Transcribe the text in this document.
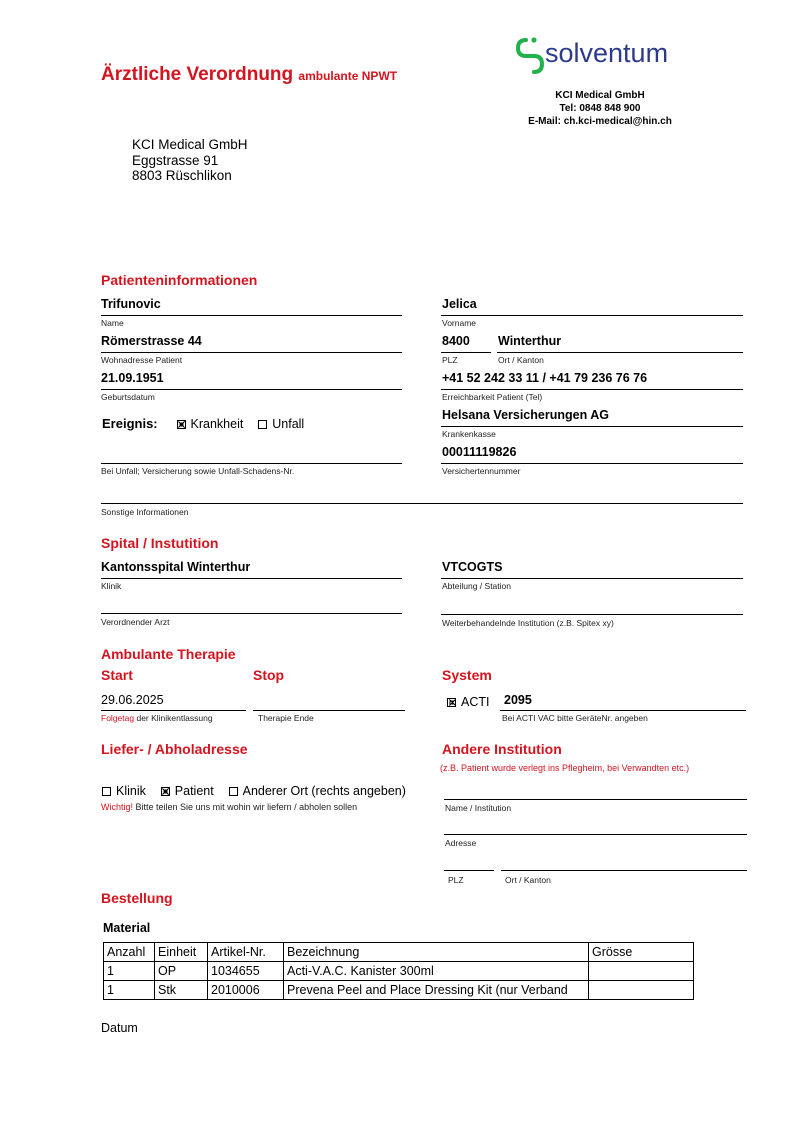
Ärztliche Verordnung ambulante NPWT
solventum
KCI Medical GmbH
Tel: 0848 848 900
E-Mail: ch.kci-medical@hin.ch
KCI Medical GmbH
Eggstrasse 91
8803 Rüschlikon
Patienteninformationen
Trifunovic
Name
Jelica
Vorname
Römerstrasse 44
Wohnadresse Patient
8400
PLZ
Winterthur
Ort / Kanton
21.09.1951
Geburtsdatum
+41 52 242 33 11 / +41 79 236 76 76
Erreichbarkeit Patient (Tel)
Ereignis:	Krankheit Unfall
Helsana Versicherungen AG
Krankenkasse
Bei Unfall; Versicherung sowie Unfall-Schadens-Nr.
00011119826
Versichertennummer
Sonstige Informationen
Spital / Instutition
Kantonsspital Winterthur
Klinik
VTCOGTS
Abteilung / Station
Verordnender Arzt	Weiterbehandelnde Institution (z.B. Spitex xy)
Ambulante Therapie
Start	Stop	System
29.06.2025
Folgetag der Klinikentlassung	Therapie Ende
ACTI 2095
Bei ACTI VAC bitte GeräteNr. angeben
Liefer- / Abholadresse
Klinik Patient Anderer Ort (rechts angeben)
Wichtig! Bitte teilen Sie uns mit wohin wir liefern / abholen sollen
Andere Institution
(z.B. Patient wurde verlegt ins Pflegheim, bei Verwandten etc.)
Name / Institution
Adresse
PLZ	Ort / Kanton
Bestellung
Material
Anzahl	Einheit	Artikel-Nr.	Bezeichnung	Grösse
1	OP	1034655	Acti-V.A.C. Kanister 300ml	
1	Stk	2010006	Prevena Peel and Place Dressing Kit (nur Verband	
Datum
